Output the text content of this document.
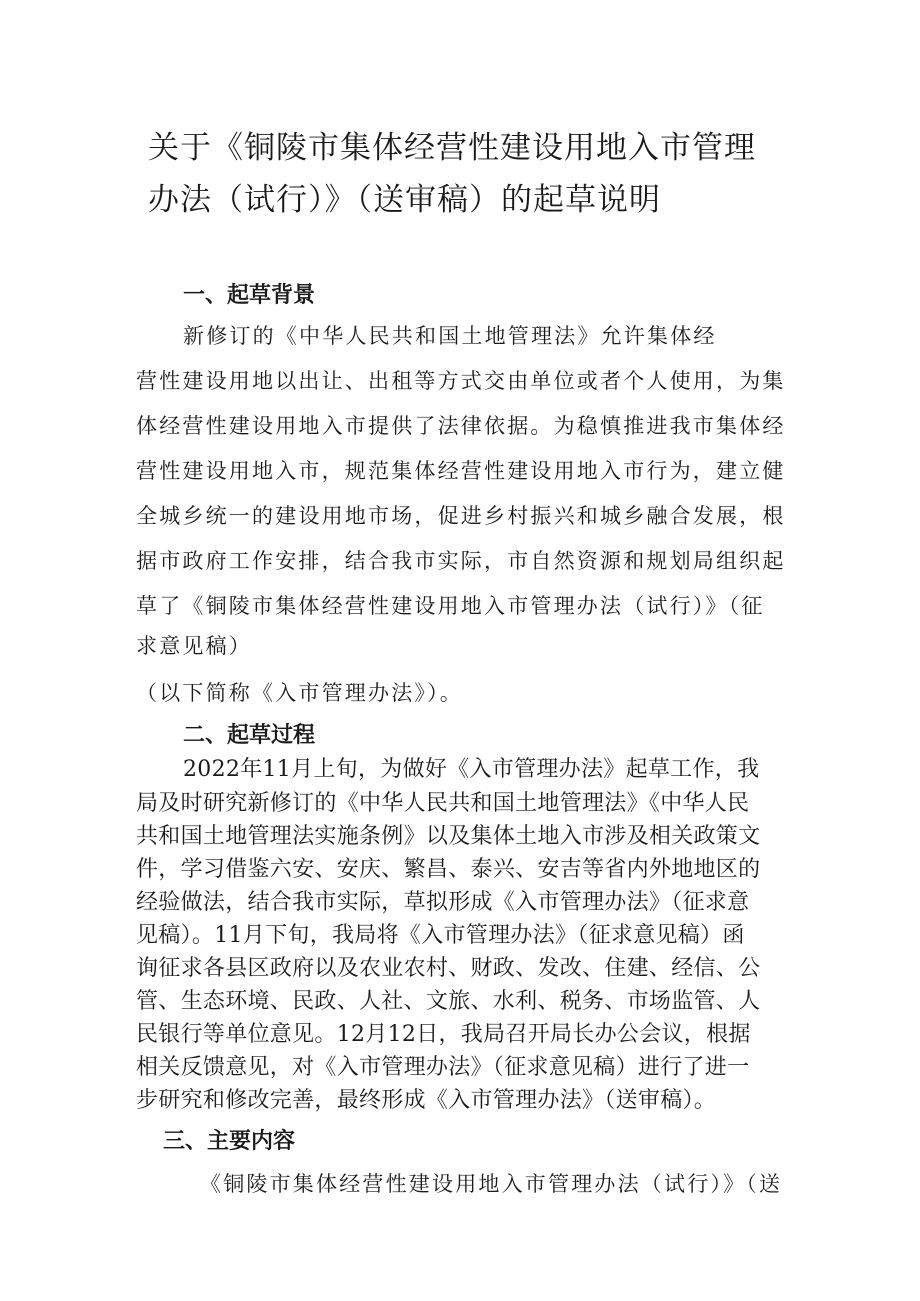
关于《铜陵市集体经营性建设用地入市管理
办法（试行）》（送审稿）的起草说明
一、起草背景
新修订的《中华人民共和国土地管理法》允许集体经
营性建设用地以出让、出租等方式交由单位或者个人使用，为集
体经营性建设用地入市提供了法律依据。为稳慎推进我市集体经
营性建设用地入市，规范集体经营性建设用地入市行为，建立健
全城乡统一的建设用地市场，促进乡村振兴和城乡融合发展，根
据市政府工作安排，结合我市实际，市自然资源和规划局组织起
草了《铜陵市集体经营性建设用地入市管理办法（试行）》（征
求意见稿）
（以下简称《入市管理办法》）。
二、起草过程
2022年11月上旬，为做好《入市管理办法》起草工作，我
局及时研究新修订的《中华人民共和国土地管理法》《中华人民
共和国土地管理法实施条例》以及集体土地入市涉及相关政策文
件，学习借鉴六安、安庆、繁昌、泰兴、安吉等省内外地地区的
经验做法，结合我市实际，草拟形成《入市管理办法》（征求意
见稿）。11月下旬，我局将《入市管理办法》（征求意见稿）函
询征求各县区政府以及农业农村、财政、发改、住建、经信、公
管、生态环境、民政、人社、文旅、水利、税务、市场监管、人
民银行等单位意见。12月12日，我局召开局长办公会议，根据
相关反馈意见，对《入市管理办法》（征求意见稿）进行了进一
步研究和修改完善，最终形成《入市管理办法》（送审稿）。
三、主要内容
《铜陵市集体经营性建设用地入市管理办法（试行）》（送
